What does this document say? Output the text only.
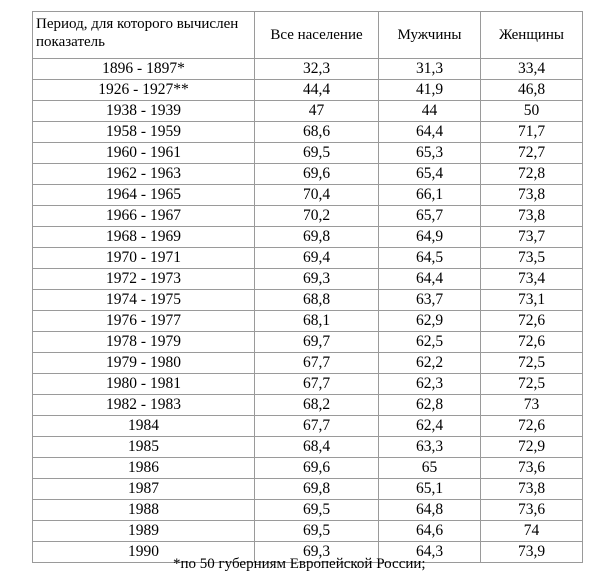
Период, для которого вычислен показатель	Все население	Мужчины	Женщины
1896 - 1897*	32,3	31,3	33,4
1926 - 1927**	44,4	41,9	46,8
1938 - 1939	47	44	50
1958 - 1959	68,6	64,4	71,7
1960 - 1961	69,5	65,3	72,7
1962 - 1963	69,6	65,4	72,8
1964 - 1965	70,4	66,1	73,8
1966 - 1967	70,2	65,7	73,8
1968 - 1969	69,8	64,9	73,7
1970 - 1971	69,4	64,5	73,5
1972 - 1973	69,3	64,4	73,4
1974 - 1975	68,8	63,7	73,1
1976 - 1977	68,1	62,9	72,6
1978 - 1979	69,7	62,5	72,6
1979 - 1980	67,7	62,2	72,5
1980 - 1981	67,7	62,3	72,5
1982 - 1983	68,2	62,8	73
1984	67,7	62,4	72,6
1985	68,4	63,3	72,9
1986	69,6	65	73,6
1987	69,8	65,1	73,8
1988	69,5	64,8	73,6
1989	69,5	64,6	74
1990	69,3	64,3	73,9
*по 50 губерниям Европейской России;
